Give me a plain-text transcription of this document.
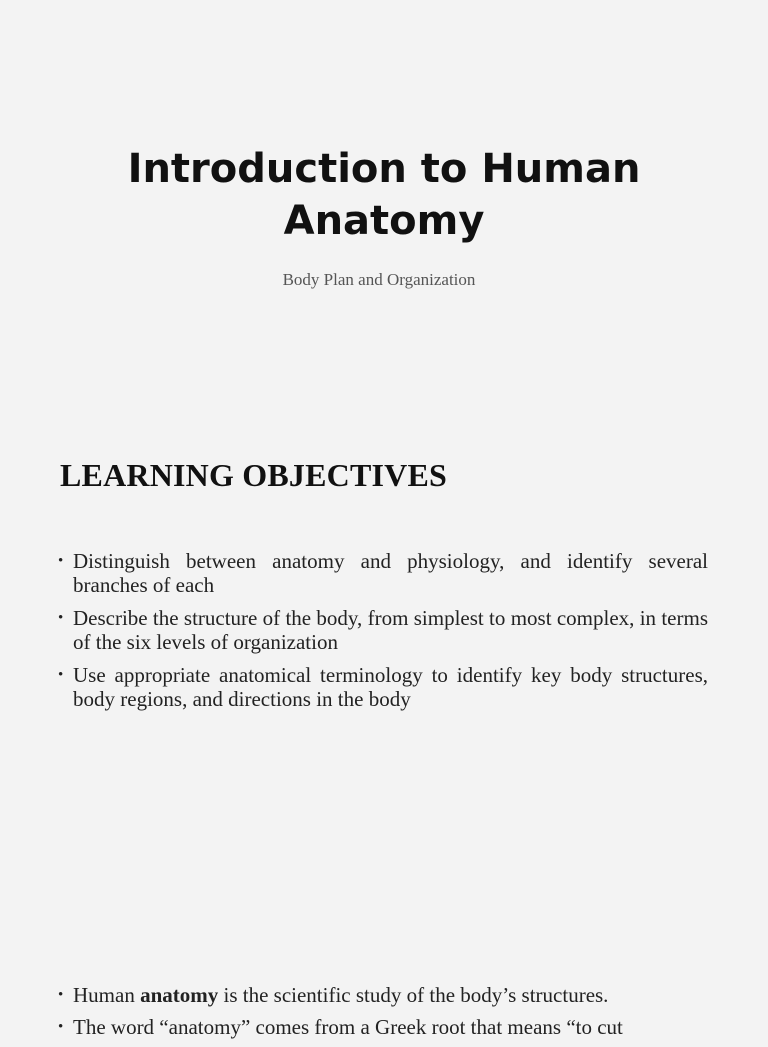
Introduction to Human
Anatomy
Body Plan and Organization
LEARNING OBJECTIVES
• Distinguish between anatomy and physiology, and identify several branches of each
• Describe the structure of the body, from simplest to most complex, in terms of the six levels of organization
• Use appropriate anatomical terminology to identify key body structures, body regions, and directions in the body
• Human anatomy is the scientific study of the body’s structures.
• The word “anatomy” comes from a Greek root that means “to cut
